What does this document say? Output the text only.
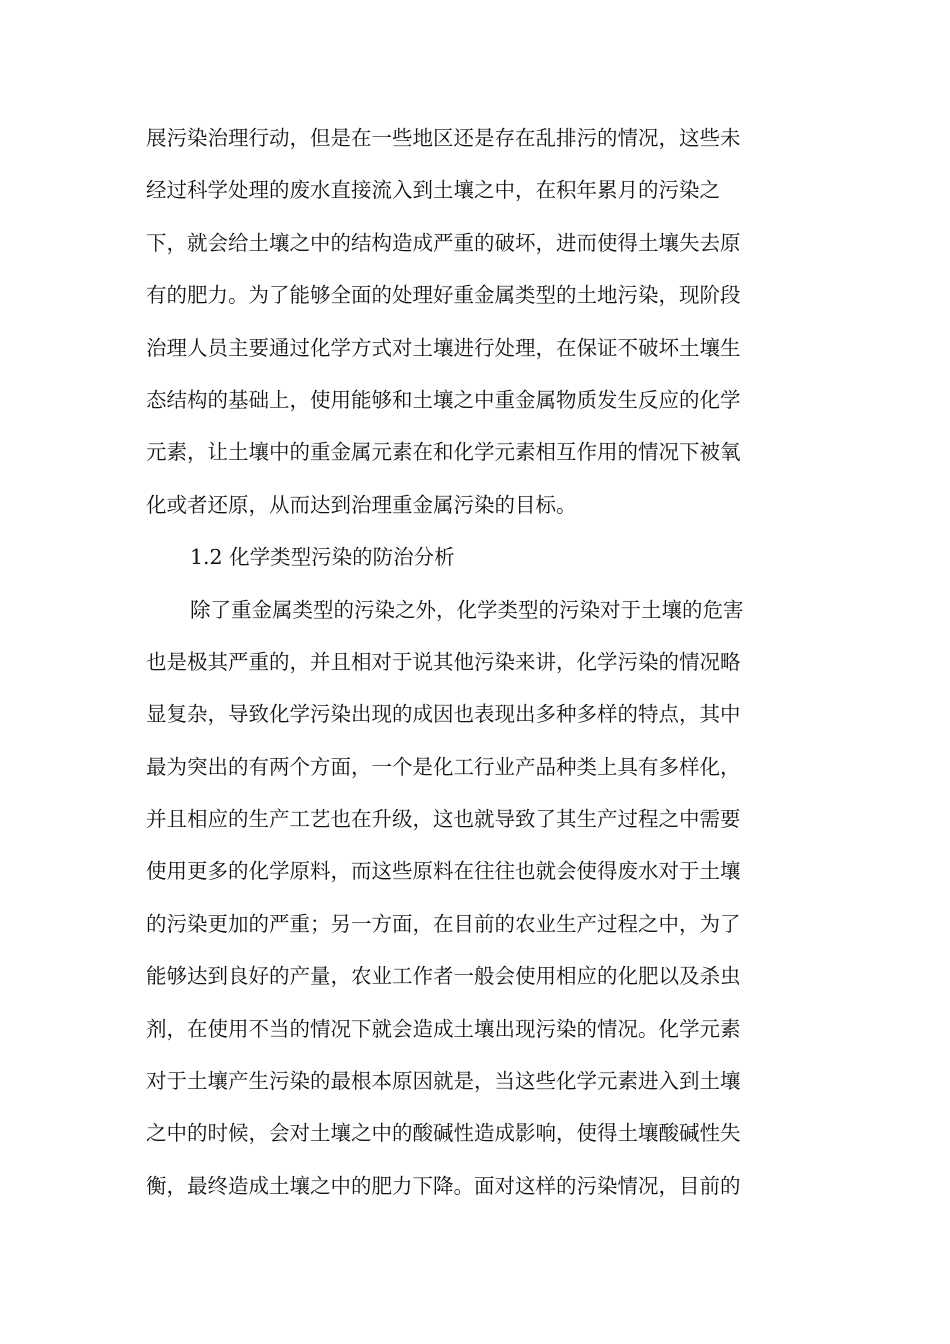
展污染治理行动，但是在一些地区还是存在乱排污的情况，这些未
经过科学处理的废水直接流入到土壤之中，在积年累月的污染之
下，就会给土壤之中的结构造成严重的破坏，进而使得土壤失去原
有的肥力。为了能够全面的处理好重金属类型的土地污染，现阶段
治理人员主要通过化学方式对土壤进行处理，在保证不破坏土壤生
态结构的基础上，使用能够和土壤之中重金属物质发生反应的化学
元素，让土壤中的重金属元素在和化学元素相互作用的情况下被氧
化或者还原，从而达到治理重金属污染的目标。
1.2 化学类型污染的防治分析
除了重金属类型的污染之外，化学类型的污染对于土壤的危害
也是极其严重的，并且相对于说其他污染来讲，化学污染的情况略
显复杂，导致化学污染出现的成因也表现出多种多样的特点，其中
最为突出的有两个方面，一个是化工行业产品种类上具有多样化，
并且相应的生产工艺也在升级，这也就导致了其生产过程之中需要
使用更多的化学原料，而这些原料在往往也就会使得废水对于土壤
的污染更加的严重；另一方面，在目前的农业生产过程之中，为了
能够达到良好的产量，农业工作者一般会使用相应的化肥以及杀虫
剂，在使用不当的情况下就会造成土壤出现污染的情况。化学元素
对于土壤产生污染的最根本原因就是，当这些化学元素进入到土壤
之中的时候，会对土壤之中的酸碱性造成影响，使得土壤酸碱性失
衡，最终造成土壤之中的肥力下降。面对这样的污染情况，目前的
